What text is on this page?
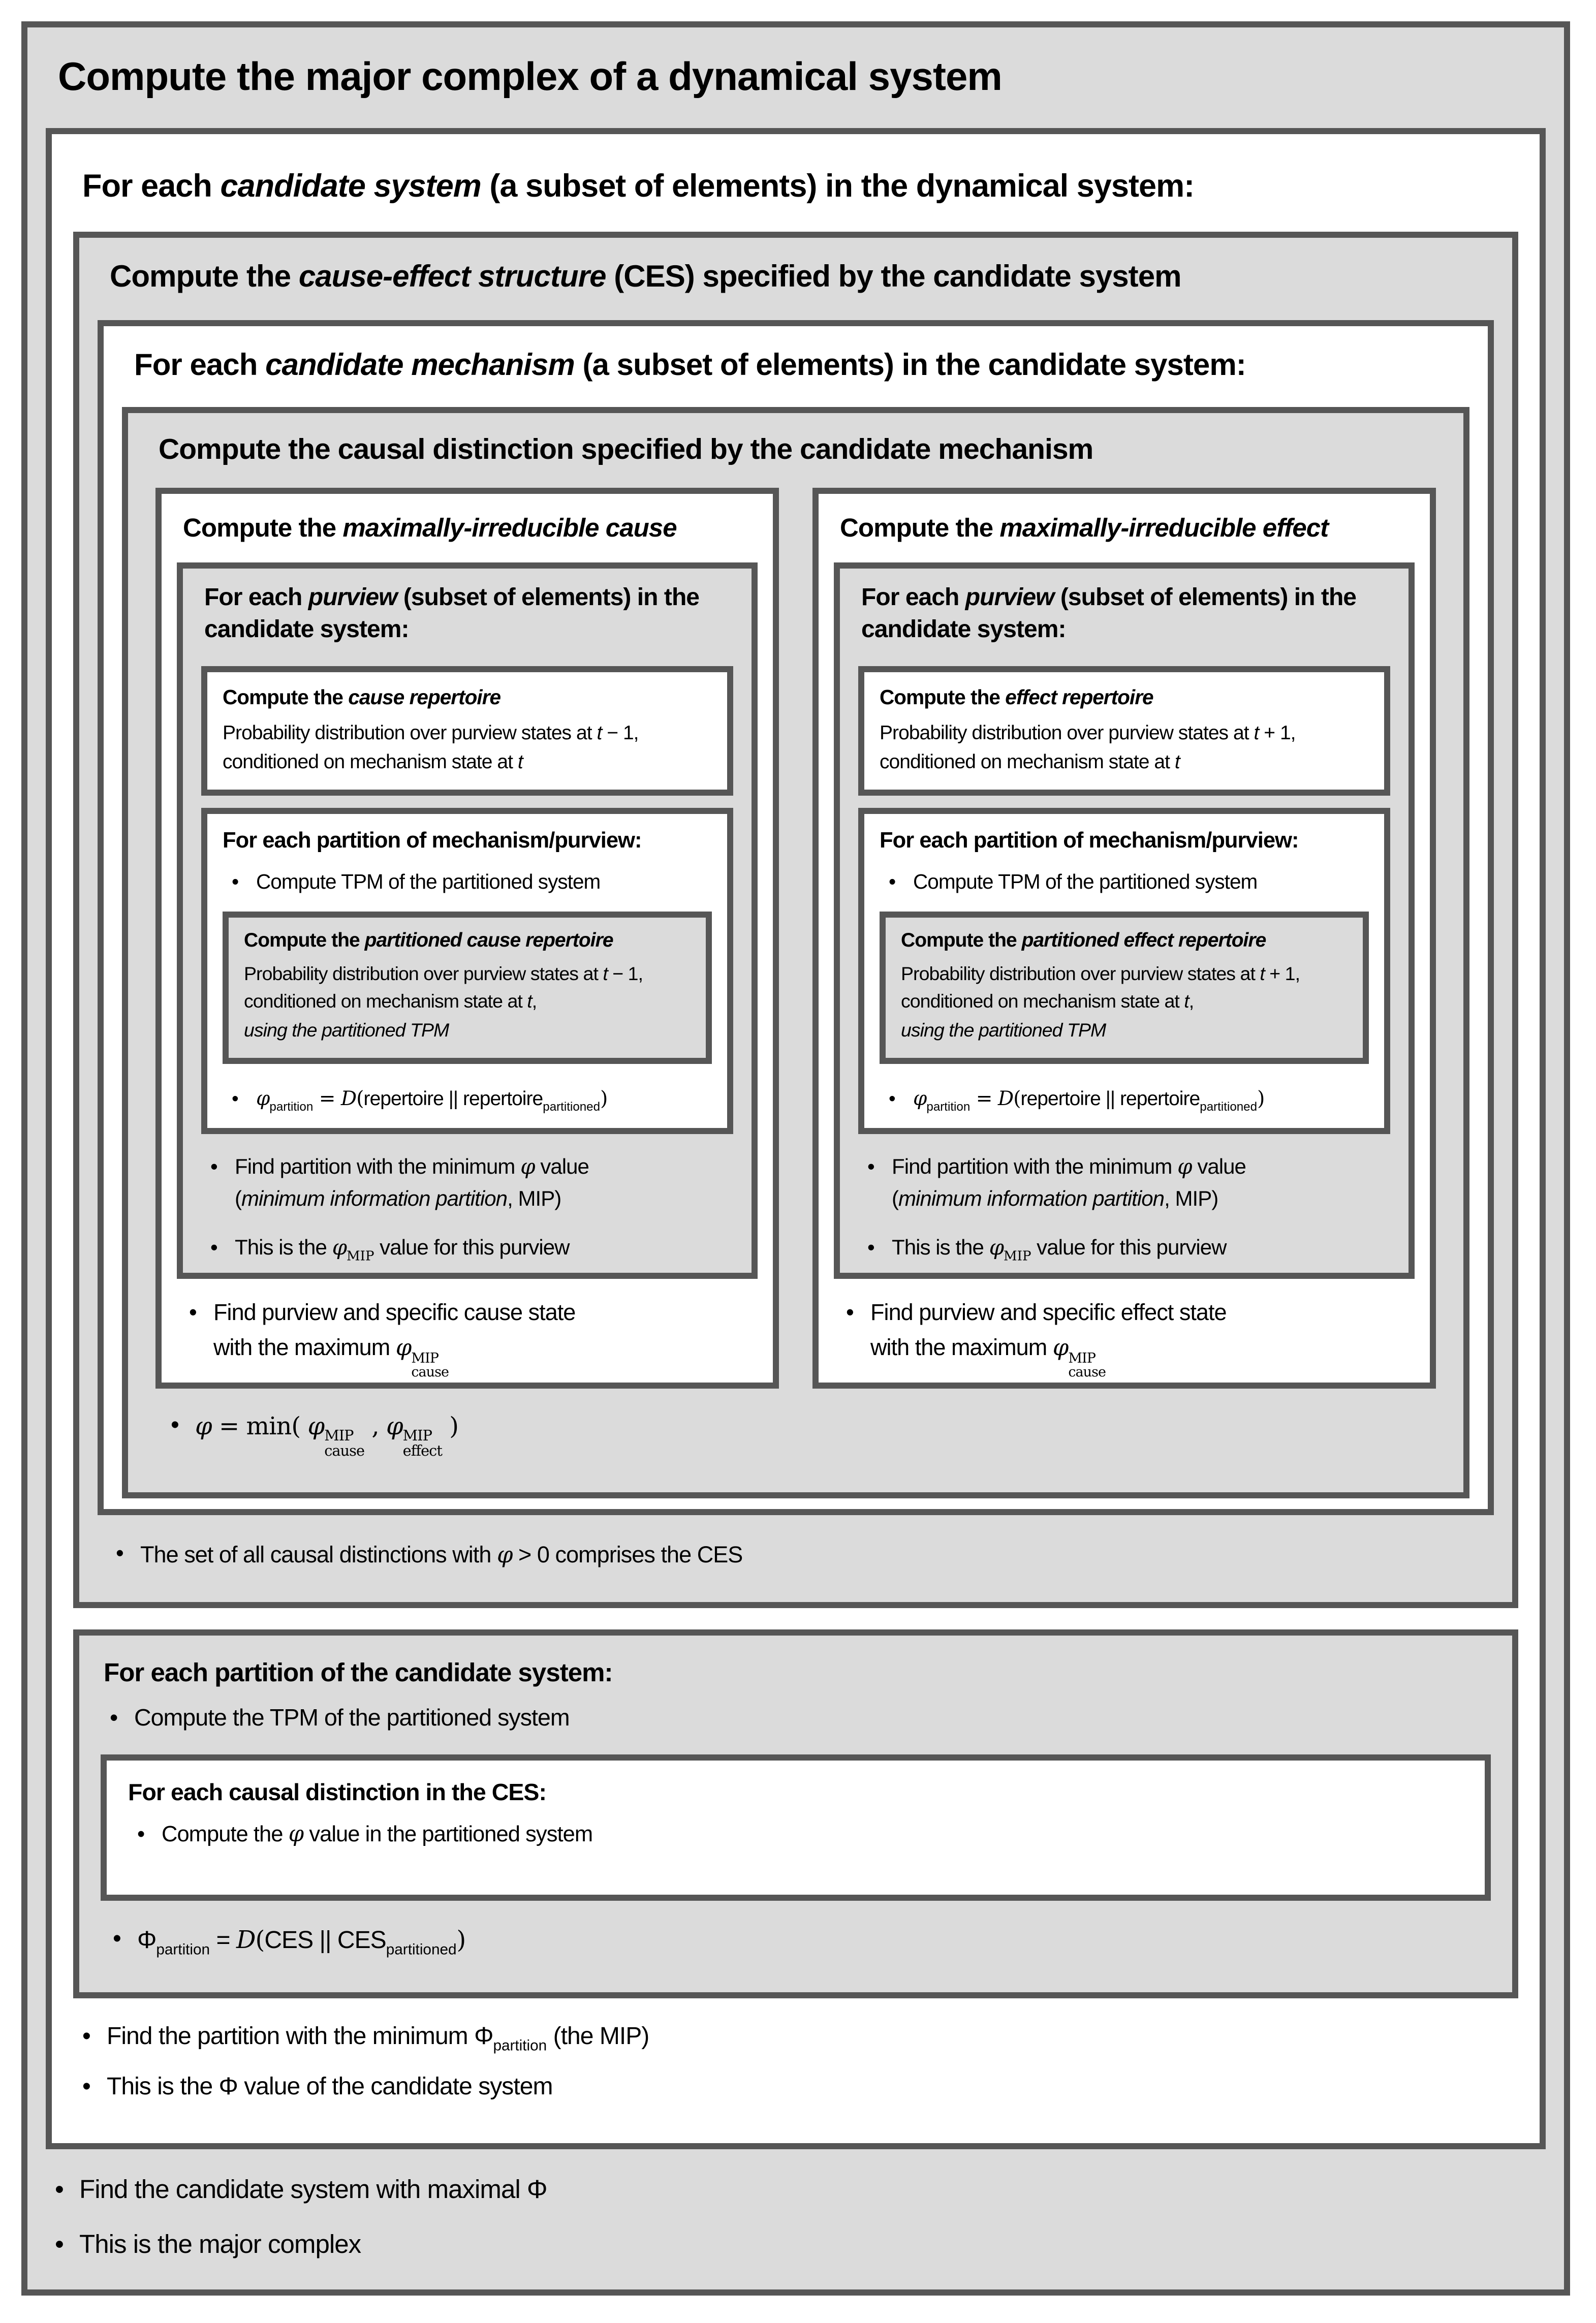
Compute the major complex of a dynamical system
For each candidate system (a subset of elements) in the dynamical system:
Compute the cause-effect structure (CES) specified by the candidate system
For each candidate mechanism (a subset of elements) in the candidate system:
Compute the causal distinction specified by the candidate mechanism
Compute the maximally-irreducible cause
For each purview (subset of elements) in the candidate system:
Compute the cause repertoire
Probability distribution over purview states at t − 1,
conditioned on mechanism state at t
For each partition of mechanism/purview:
• Compute TPM of the partitioned system
Compute the partitioned cause repertoire
Probability distribution over purview states at t − 1,
conditioned on mechanism state at t,
using the partitioned TPM
• $\varphi_{partition}$ = D(repertoire || repertoire$_{partitioned}$)
• Find partition with the minimum φ value
(minimum information partition, MIP)
• This is the $\varphi_{MIP}$ value for this purview
• Find purview and specific cause state
with the maximum φ MIP
cause
Compute the maximally-irreducible effect
For each purview (subset of elements) in the candidate system:
Compute the effect repertoire
Probability distribution over purview states at t + 1,
conditioned on mechanism state at t
For each partition of mechanism/purview:
• Compute TPM of the partitioned system
Compute the partitioned effect repertoire
Probability distribution over purview states at t + 1,
conditioned on mechanism state at t,
using the partitioned TPM
• $\varphi_{partition}$ = D(repertoire || repertoire$_{partitioned}$)
• Find partition with the minimum φ value
(minimum information partition, MIP)
• This is the $\varphi_{MIP}$ value for this purview
• Find purview and specific effect state
with the maximum φ MIP
cause
• φ = min( φ MIP
cause
, φ MIP
effect
)
• The set of all causal distinctions with φ > 0 comprises the CES
For each partition of the candidate system:
• Compute the TPM of the partitioned system
For each causal distinction in the CES:
• Compute the φ value in the partitioned system
• $\Phi_{partition} = D(CES$ || $CES_{partitioned}$)
• Find the partition with the minimum $\Phi_{partition}$ (the MIP)
• This is the Φ value of the candidate system
• Find the candidate system with maximal Φ
• This is the major complex
